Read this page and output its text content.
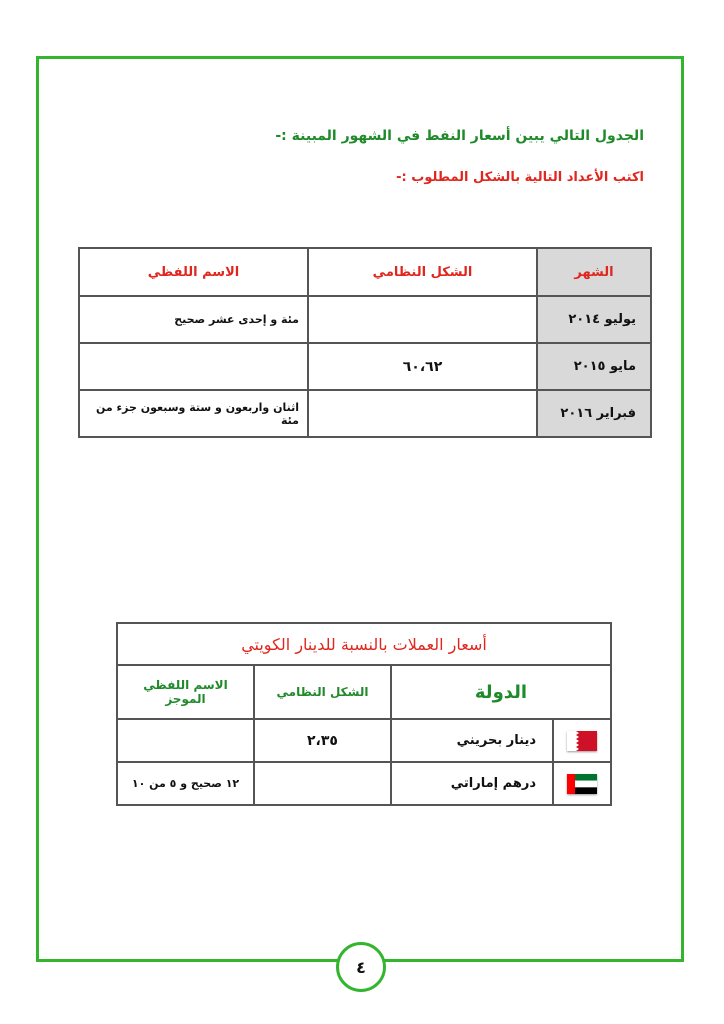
الجدول التالي يبين أسعار النفط في الشهور المبينة :-
اكتب الأعداد التالية بالشكل المطلوب :-
الشهر	الشكل النظامي	الاسم اللفظي
يوليو ٢٠١٤		مئة و إحدى عشر صحيح
مايو ٢٠١٥	٦٠،٦٢	
فبراير ٢٠١٦		اثنان واربعون و ستة وسبعون جزء من مئة
أسعار العملات بالنسبة للدينار الكويتي			
الدولة		الشكل النظامي	الاسم اللفظي الموجز
	دينار بحريني	٢،٣٥	
	درهم إماراتي		١٢ صحيح و ٥ من ١٠
٤
